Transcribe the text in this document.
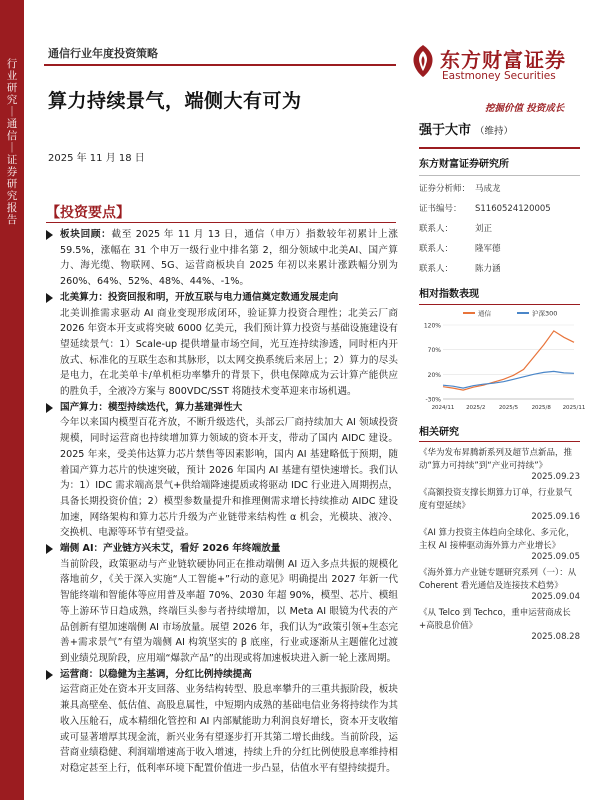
行业研究｜通信｜证券研究报告
通信行业年度投资策略
算力持续景气，端侧大有可为
2025 年 11 月 18 日
东方财富证券
Eastmoney Securities
挖掘价值 投资成长
【投资要点】
板块回顾：截至 2025 年 11 月 13 日，通信（申万）指数较年初累计上涨 59.5%，涨幅在 31 个申万一级行业中排名第 2，细分领域中北美AI、国产算力、海光缆、物联网、5G、运营商板块自 2025 年初以来累计涨跌幅分别为 260%、64%、52%、48%、44%、-1%。
北美算力：投资回报和明，开放互联与电力通信奠定数通发展走向
北美训推需求驱动 AI 商业变现形成闭环，验证算力投资合理性；北美云厂商 2026 年资本开支或将突破 6000 亿美元，我们预计算力投资与基础设施建设有望延续景气：1）Scale-up 提供增量市场空间，光互连持续渗透，同时柜内开放式、标准化的互联生态和其脉形，以太网交换系统后来居上；2）算力的尽头是电力，在北美单卡/单机柜功率攀升的背景下，供电保障成为云计算产能供应的胜负手，全液冷方案与 800VDC/SST 将随技术变革迎来市场机遇。
国产算力：模型持续迭代，算力基建弹性大
今年以来国内模型百花齐放，不断升级迭代，头部云厂商持续加大 AI 领域投资规模，同时运营商也持续增加算力领域的资本开支，带动了国内 AIDC 建设。2025 年来，受美伟达算力芯片禁售等因素影响，国内 AI 基建略低于预期，随着国产算力芯片的快速突破，预计 2026 年国内 AI 基建有望快速增长。我们认为：1）IDC 需求端高景气+供给端降速提质或将驱动 IDC 行业进入周期拐点，具备长期投资价值；2）模型参数量提升和推理侧需求增长持续推动 AIDC 建设加速，网络架构和算力芯片升级为产业链带来结构性 α 机会，光模块、液冷、交换机、电源等环节有望受益。
端侧 AI：产业链方兴未艾，看好 2026 年终端放量
当前阶段，政策驱动与产业链软硬协同正在推动端侧 AI 迈入多点共振的规模化落地前夕，《关于深入实施“人工智能+”行动的意见》明确提出 2027 年新一代智能终端和智能体等应用普及率超 70%、2030 年超 90%，模型、芯片、模组等上游环节日趋成熟，终端巨头参与者持续增加，以 Meta AI 眼镜为代表的产品创新有望加速端侧 AI 市场放量。展望 2026 年，我们认为“政策引领+生态完善+需求景气”有望为端侧 AI 构筑坚实的 β 底座，行业或逐渐从主题催化过渡到业绩兑现阶段，应用端“爆款产品”的出现或将加速板块进入新一轮上涨周期。
运营商：以稳健为主基调，分红比例持续提高
运营商正处在资本开支回落、业务结构转型、股息率攀升的三重共振阶段，板块兼具高壁垒、低估值、高股息属性，中短期内成熟的基础电信业务将持续作为其收入压舱石，成本精细化管控和 AI 内部赋能助力利润良好增长，资本开支收缩或可显著增厚其现金流，新兴业务有望逐步打开其第二增长曲线。当前阶段，运营商业绩稳健、利润端增速高于收入增速，持续上升的分红比例使股息率维持相对稳定甚至上行，低利率环境下配置价值进一步凸显，估值水平有望持续提升。
强于大市 （维持）
东方财富证券研究所
证券分析师： 马成龙
证书编号： S1160524120005
联系人：	刘正
联系人：	隆军德
联系人：	陈力涵
相对指数表现
通信	沪深300
120%
70%
20%
-30%
2024/11 2025/2 2025/5 2025/8 2025/11
相关研究
《华为发布昇腾新系列及超节点新品，推动“算力可持续”到“产业可持续”》
2025.09.23
《高额投资支撑长期算力订单，行业景气度有望延续》
2025.09.16
《AI 算力投资主体趋向全球化、多元化，主权 AI 接棒驱动海外算力产业增长》
2025.09.05
《海外算力产业链专题研究系列（一）：从 Coherent 看光通信及连接技术趋势》
2025.09.04
《从 Telco 到 Techco，重申运营商成长+高股息价值》
2025.08.28
